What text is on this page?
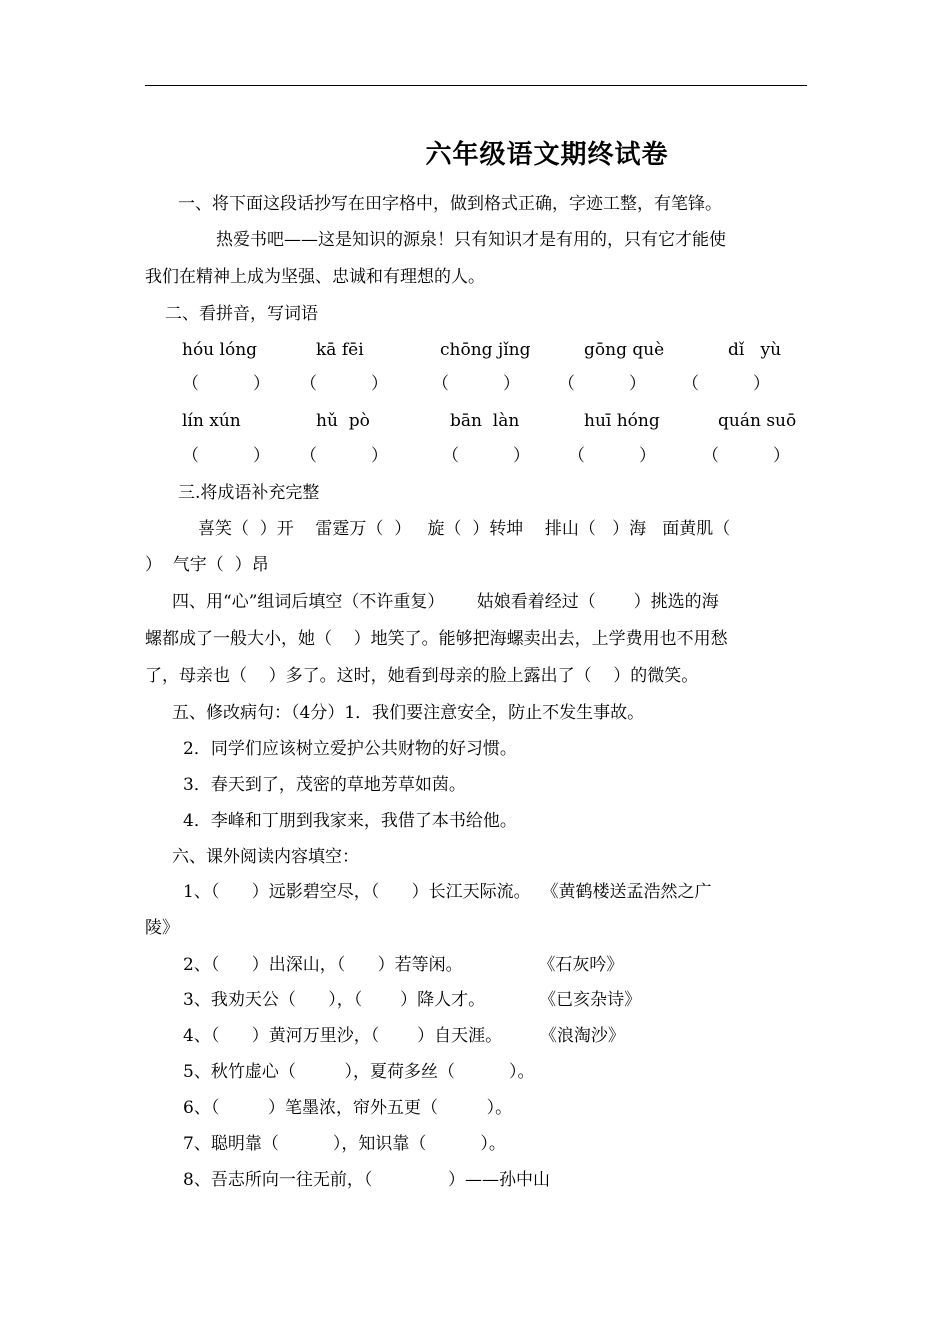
六年级语文期终试卷
一、将下面这段话抄写在田字格中，做到格式正确，字迹工整，有笔锋。
热爱书吧——这是知识的源泉！只有知识才是有用的，只有它才能使
我们在精神上成为坚强、忠诚和有理想的人。
二、看拼音，写词语
hóu lóng	kā fēi	chōng jǐng	gōng què	dǐ   yù
（          ） （          ）	（          ） （          ） （          ）
lín xún	hǔ  pò	bān  làn	huī hóng	quán suō
（          ） （          ）	（          ） （          ）	（          ）
三.将成语补充完整
喜笑（  ）开    雷霆万（  ）   旋（  ）转坤    排山（   ）海   面黄肌（
）  气宇（  ）昂
四、用“心”组词后填空（不许重复）      姑娘看着经过（       ）挑选的海
螺都成了一般大小，她（    ）地笑了。能够把海螺卖出去，上学费用也不用愁
了，母亲也（    ）多了。这时，她看到母亲的脸上露出了（    ）的微笑。
五、修改病句：（4分）1．我们要注意安全，防止不发生事故。
2．同学们应该树立爱护公共财物的好习惯。
3．春天到了，茂密的草地芳草如茵。
4．李峰和丁朋到我家来，我借了本书给他。
六、课外阅读内容填空：
1、（      ）远影碧空尽，（      ）长江天际流。  《黄鹤楼送孟浩然之广
陵》
2、（      ）出深山，（      ）若等闲。              《石灰吟》
3、我劝天公（      ），（       ）降人才。          《已亥杂诗》
4、（      ）黄河万里沙，（       ）自天涯。       《浪淘沙》
5、秋竹虚心（         ），夏荷多丝（          ）。
6、（         ）笔墨浓，帘外五更（         ）。
7、聪明靠（          ），知识靠（          ）。
8、吾志所向一往无前，（              ）——孙中山
